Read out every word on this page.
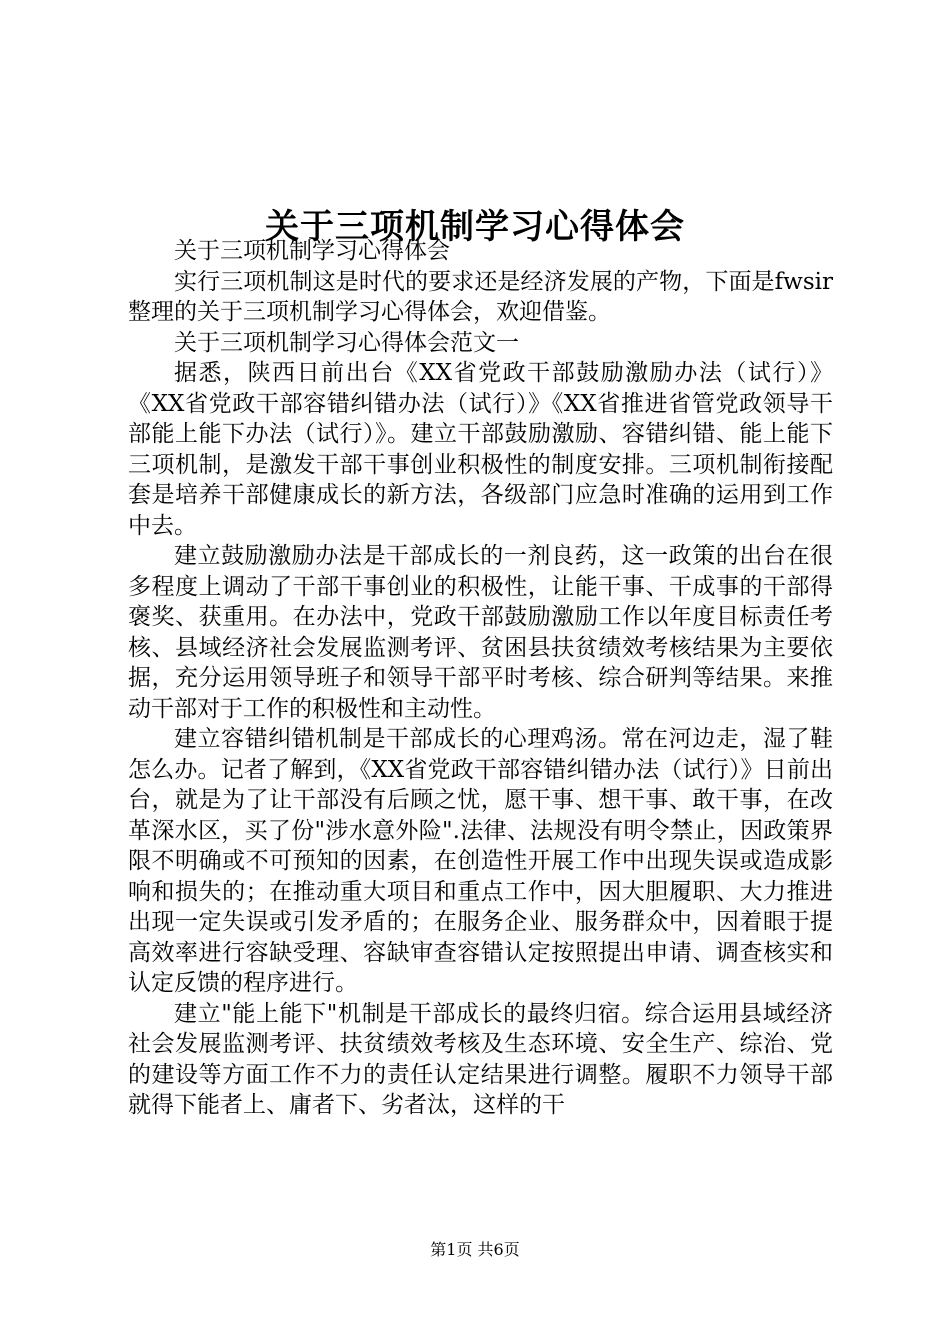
关于三项机制学习心得体会

关于三项机制学习心得体会

实行三项机制这是时代的要求还是经济发展的产物，下面是fwsir整理的关于三项机制学习心得体会，欢迎借鉴。

关于三项机制学习心得体会范文一

据悉，陕西日前出台《XX省党政干部鼓励激励办法（试行）》《XX省党政干部容错纠错办法（试行）》《XX省推进省管党政领导干部能上能下办法（试行）》。建立干部鼓励激励、容错纠错、能上能下三项机制，是激发干部干事创业积极性的制度安排。三项机制衔接配套是培养干部健康成长的新方法，各级部门应急时准确的运用到工作中去。

建立鼓励激励办法是干部成长的一剂良药，这一政策的出台在很多程度上调动了干部干事创业的积极性，让能干事、干成事的干部得褒奖、获重用。在办法中，党政干部鼓励激励工作以年度目标责任考核、县域经济社会发展监测考评、贫困县扶贫绩效考核结果为主要依据，充分运用领导班子和领导干部平时考核、综合研判等结果。来推动干部对于工作的积极性和主动性。

建立容错纠错机制是干部成长的心理鸡汤。常在河边走，湿了鞋怎么办。记者了解到，《XX省党政干部容错纠错办法（试行）》日前出台，就是为了让干部没有后顾之忧，愿干事、想干事、敢干事，在改革深水区，买了份"涉水意外险".法律、法规没有明令禁止，因政策界限不明确或不可预知的因素，在创造性开展工作中出现失误或造成影响和损失的；在推动重大项目和重点工作中，因大胆履职、大力推进出现一定失误或引发矛盾的；在服务企业、服务群众中，因着眼于提高效率进行容缺受理、容缺审查容错认定按照提出申请、调查核实和认定反馈的程序进行。

建立"能上能下"机制是干部成长的最终归宿。综合运用县域经济社会发展监测考评、扶贫绩效考核及生态环境、安全生产、综治、党的建设等方面工作不力的责任认定结果进行调整。履职不力领导干部就得下能者上、庸者下、劣者汰，这样的干

第1页 共6页
